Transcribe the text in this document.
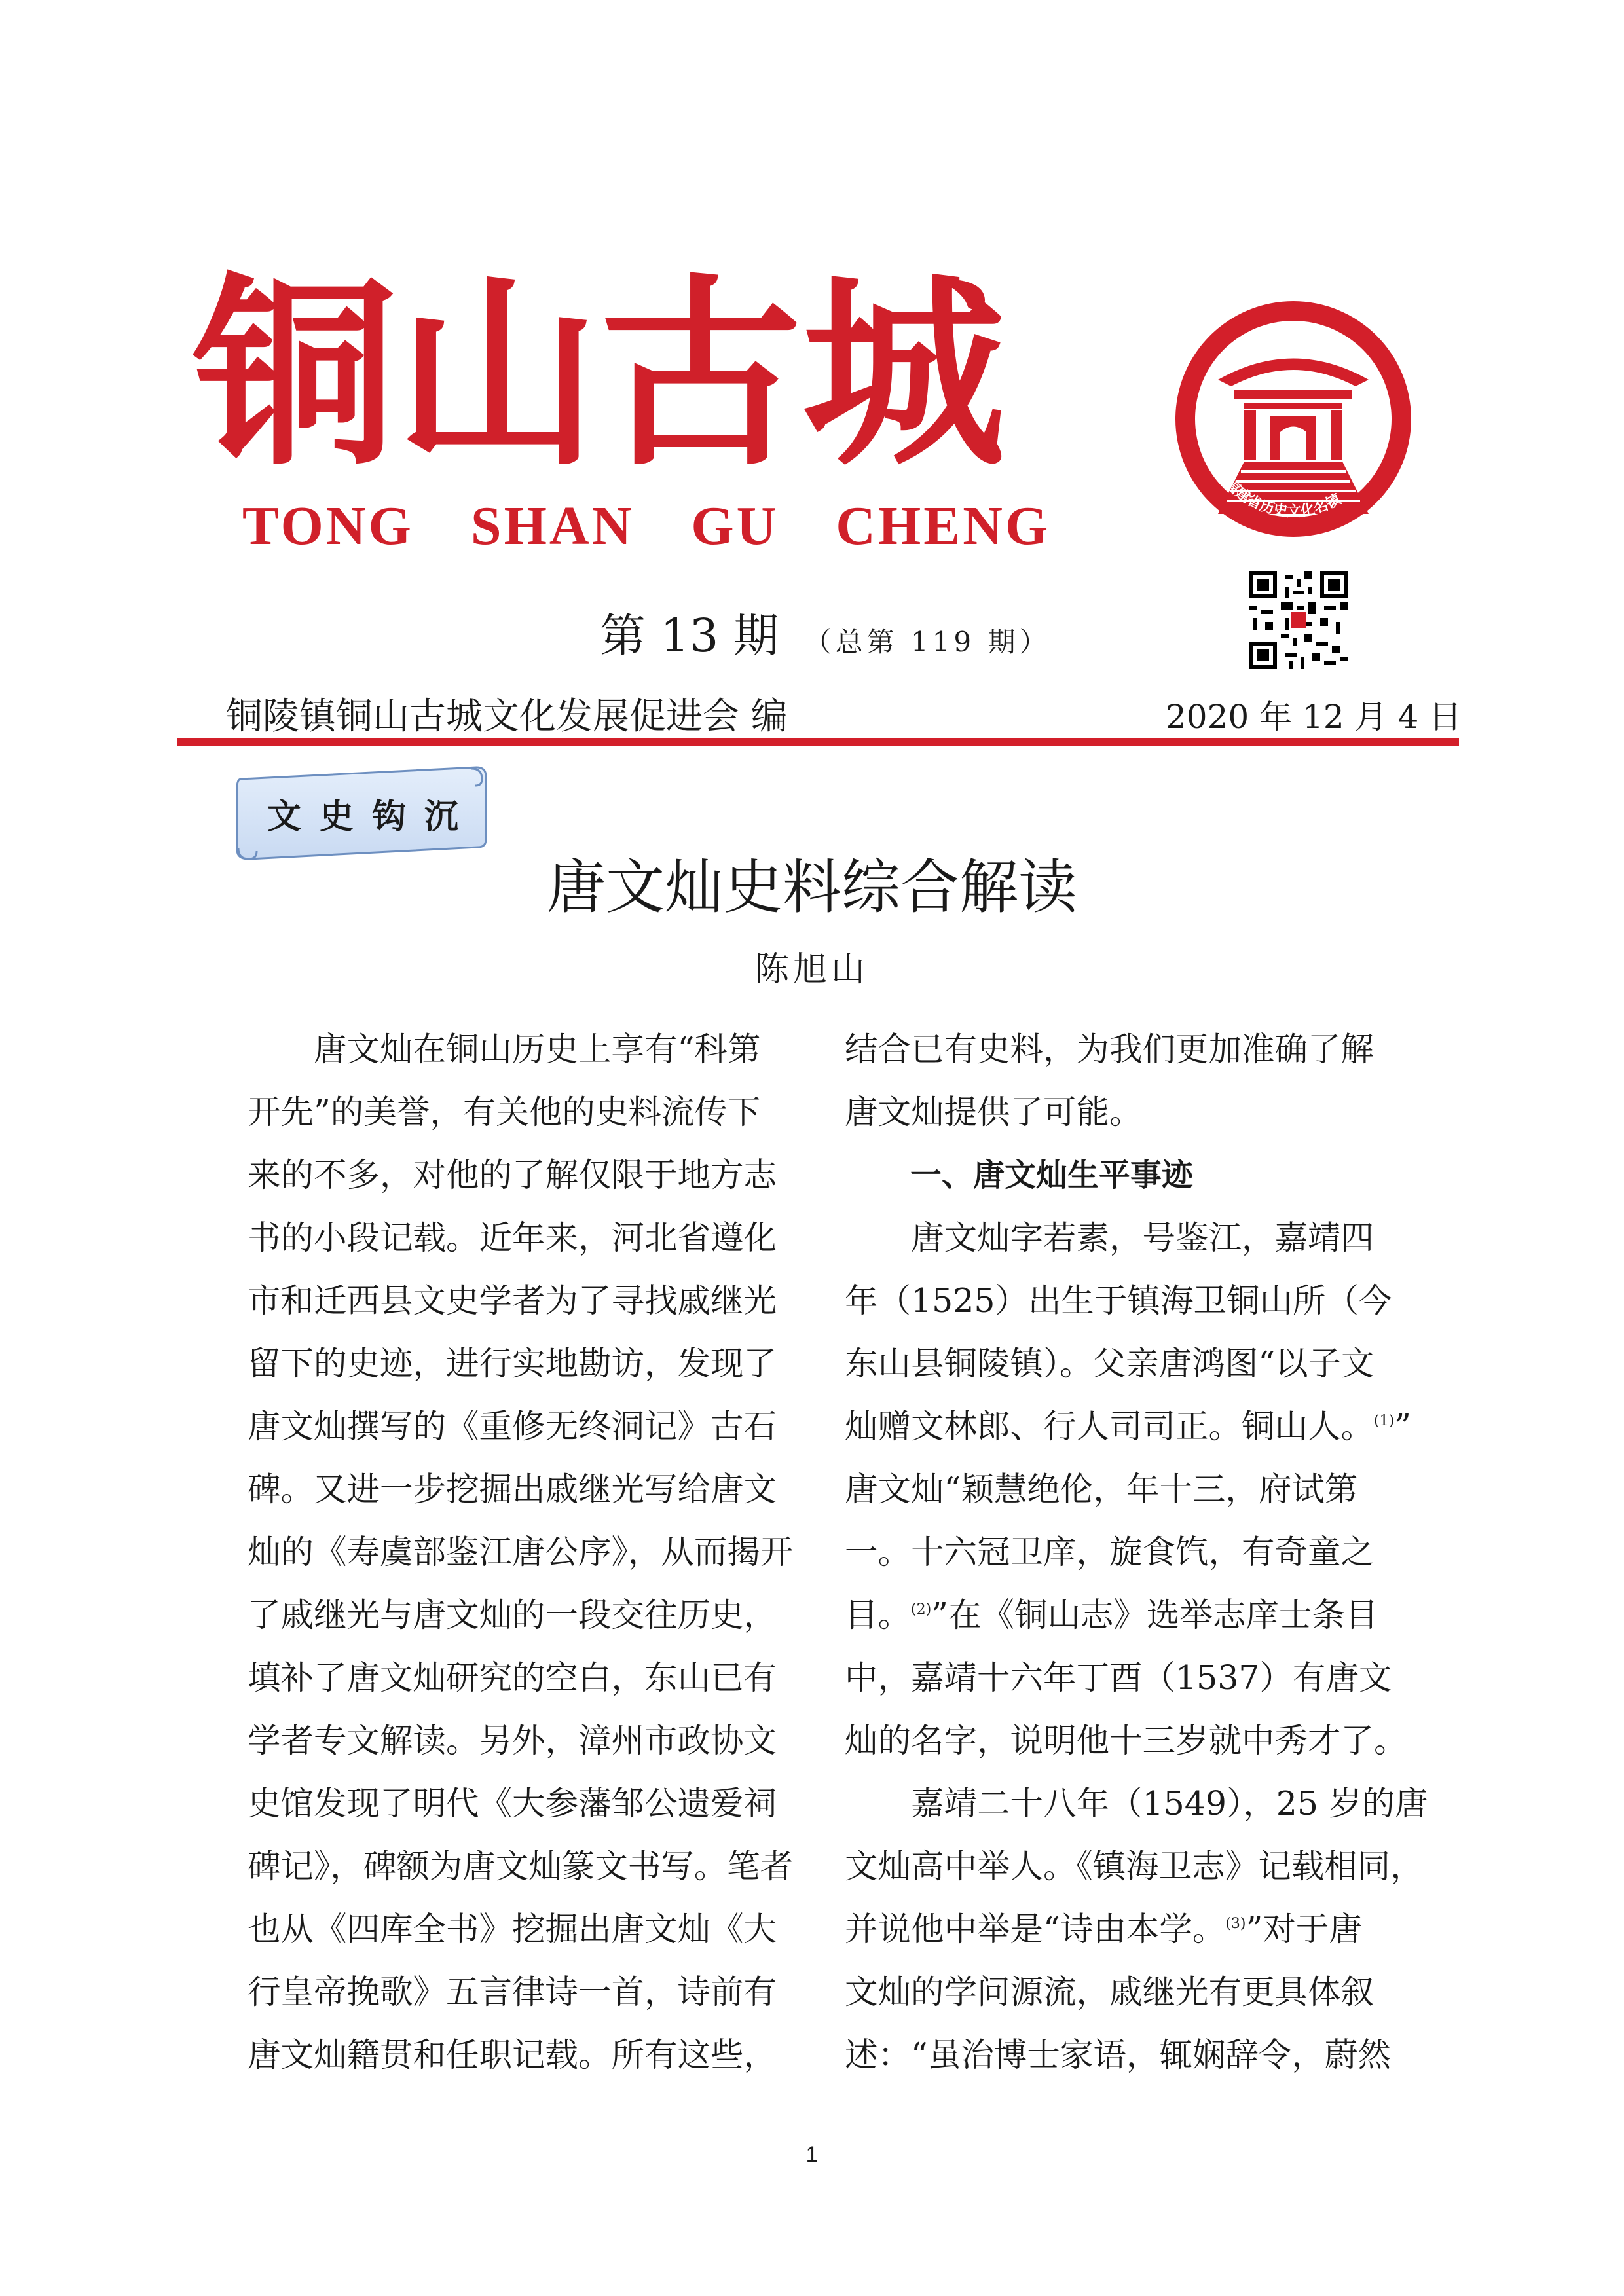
铜山古城
TONG SHAN GU CHENG
福建省历史文化名镇
第 13 期 （总第 119 期）
铜陵镇铜山古城文化发展促进会 编	2020 年 12 月 4 日
文史钩沉
唐文灿史料综合解读
陈旭山
　　唐文灿在铜山历史上享有“科第
开先”的美誉，有关他的史料流传下
来的不多，对他的了解仅限于地方志
书的小段记载。近年来，河北省遵化
市和迁西县文史学者为了寻找戚继光
留下的史迹，进行实地勘访，发现了
唐文灿撰写的《重修无终洞记》古石
碑。又进一步挖掘出戚继光写给唐文
灿的《寿虞部鉴江唐公序》，从而揭开
了戚继光与唐文灿的一段交往历史，
填补了唐文灿研究的空白，东山已有
学者专文解读。另外，漳州市政协文
史馆发现了明代《大参藩邹公遗爱祠
碑记》，碑额为唐文灿篆文书写。笔者
也从《四库全书》挖掘出唐文灿《大
行皇帝挽歌》五言律诗一首，诗前有
唐文灿籍贯和任职记载。所有这些，
结合已有史料，为我们更加准确了解
唐文灿提供了可能。
一、唐文灿生平事迹
　　唐文灿字若素，号鉴江，嘉靖四
年（1525）出生于镇海卫铜山所（今
东山县铜陵镇）。父亲唐鸿图“以子文
灿赠文林郎、行人司司正。铜山人。$^{(1)}$”
唐文灿“颖慧绝伦，年十三，府试第
一。十六冠卫庠，旋食饩，有奇童之
目。$^{(2)}$”在《铜山志》选举志庠士条目
中，嘉靖十六年丁酉（1537）有唐文
灿的名字，说明他十三岁就中秀才了。
　　嘉靖二十八年（1549），25 岁的唐
文灿高中举人。《镇海卫志》记载相同，
并说他中举是“诗由本学。$^{(3)}$”对于唐
文灿的学问源流，戚继光有更具体叙
述：“虽治博士家语，辄娴辞令，蔚然
1
